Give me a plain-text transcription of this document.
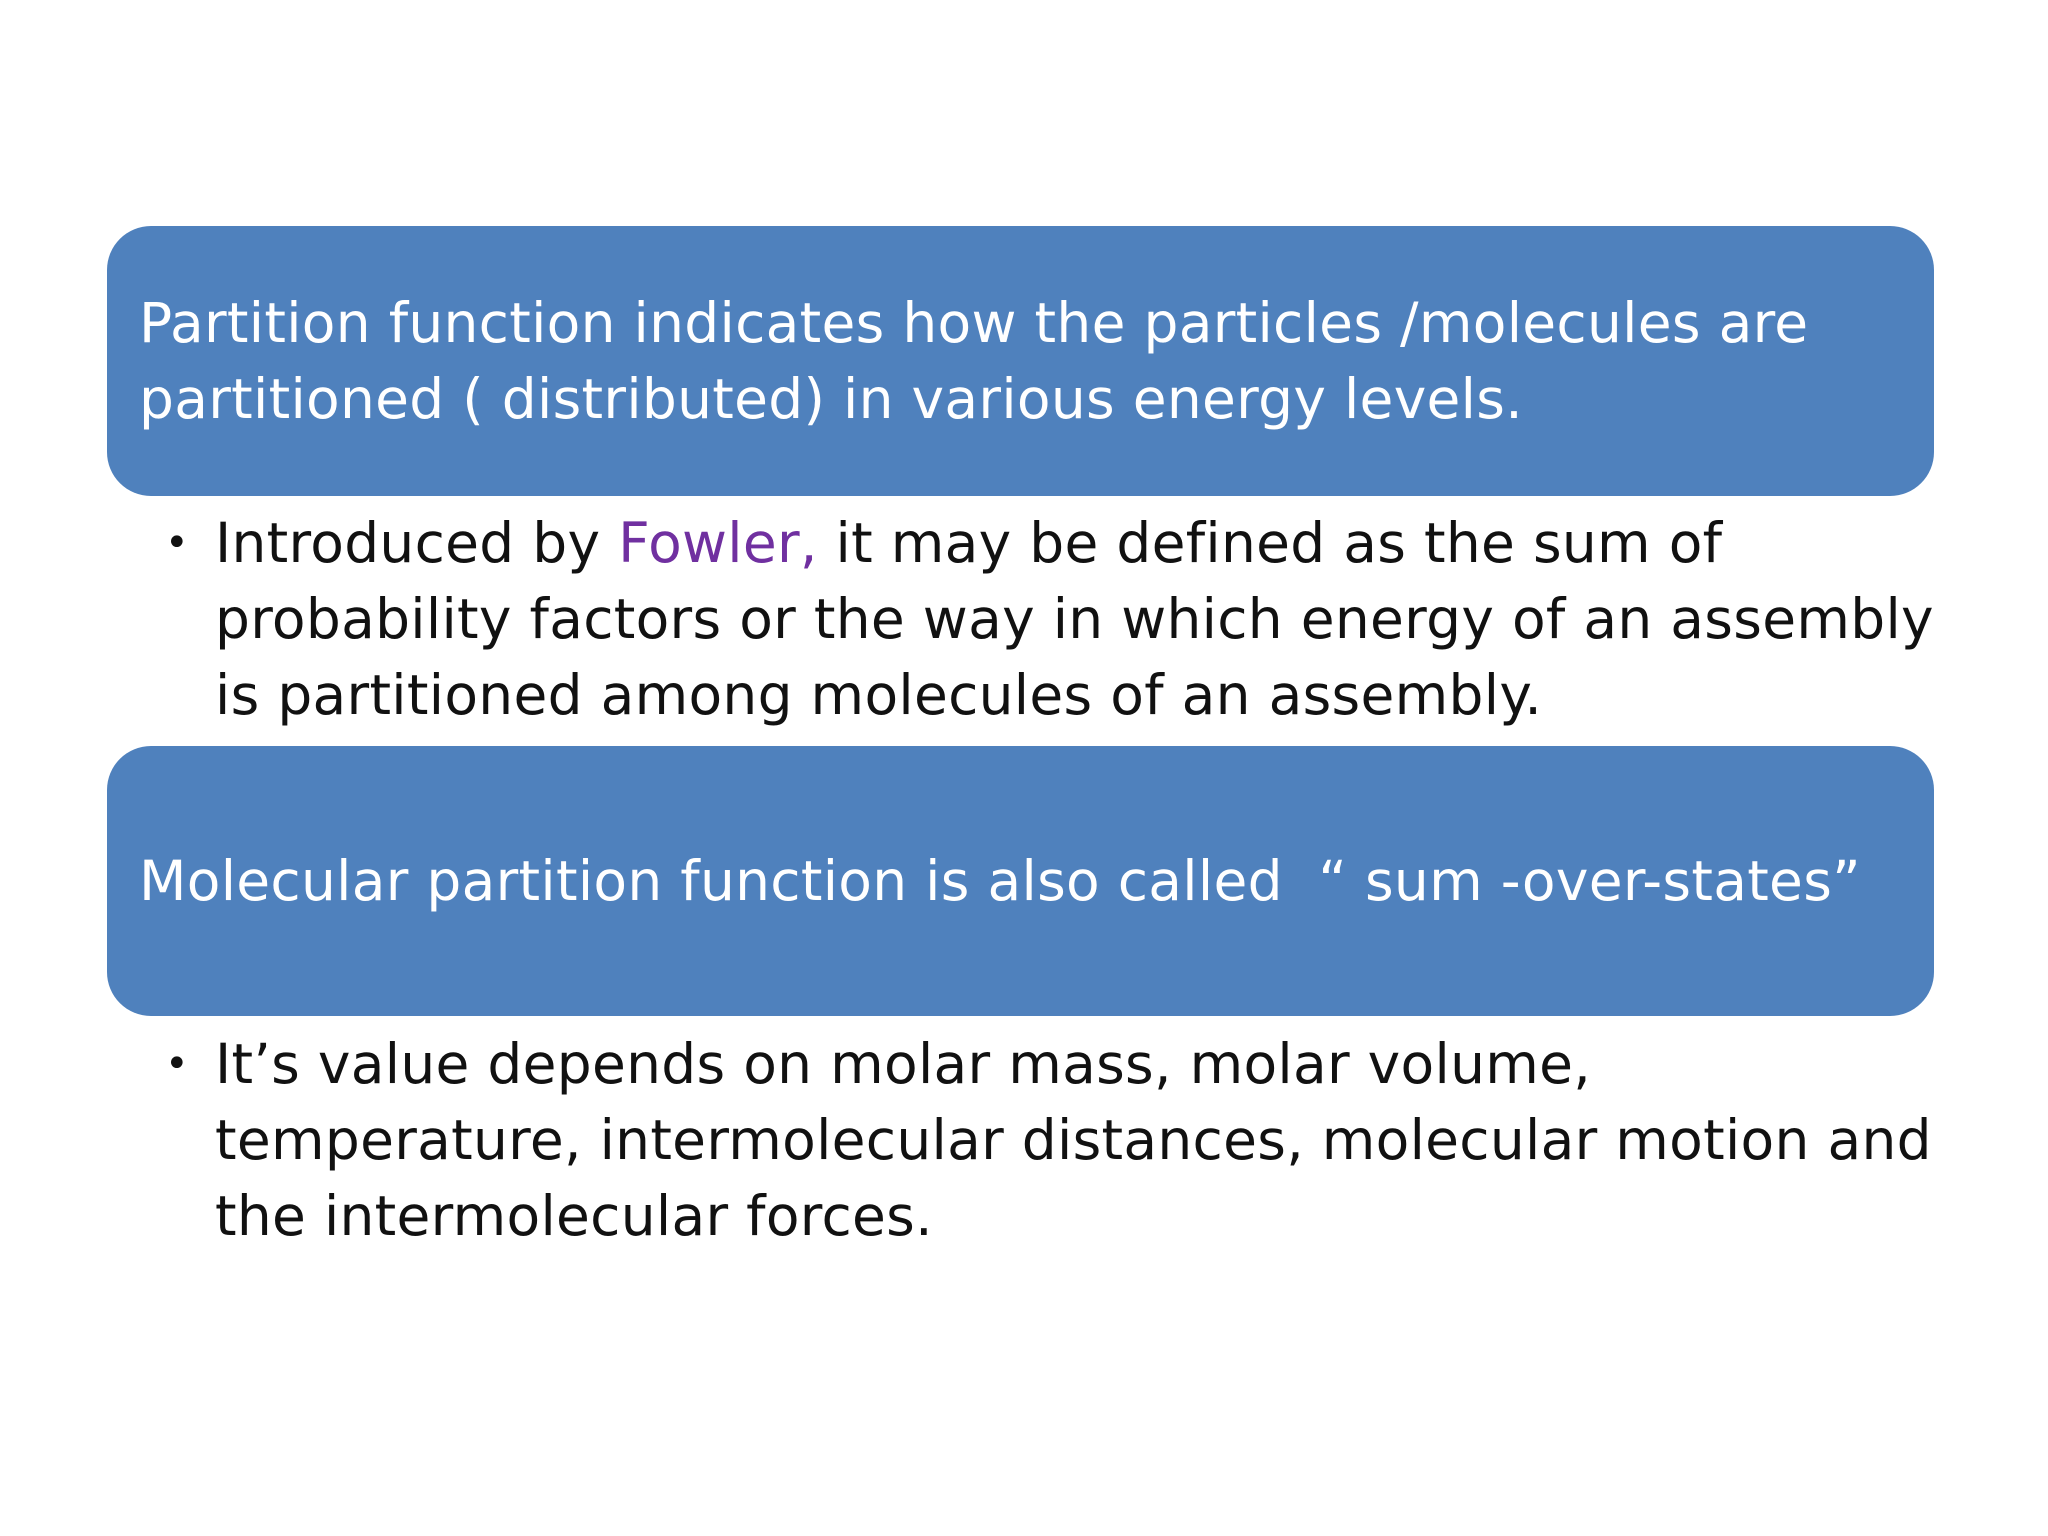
Partition function indicates how the particles /molecules are partitioned ( distributed) in various energy levels.
• Introduced by Fowler, it may be defined as the sum of probability factors or the way in which energy of an assembly is partitioned among molecules of an assembly.
Molecular partition function is also called  “ sum -over-states”
• It’s value depends on molar mass, molar volume, temperature, intermolecular distances, molecular motion and the intermolecular forces.
